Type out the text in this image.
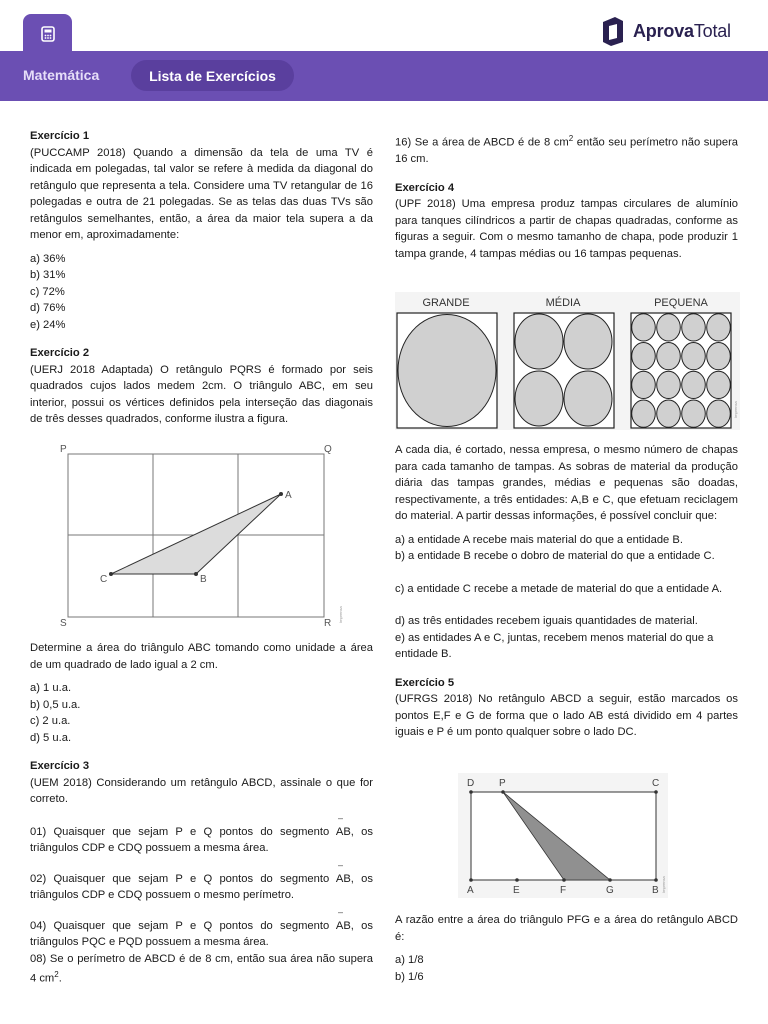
Matemática	Lista de Exercícios
AprovaTotal

Exercício 1

(PUCCAMP 2018) Quando a dimensão da tela de uma TV é indicada em polegadas, tal valor se refere à medida da diagonal do retângulo que representa a tela. Considere uma TV retangular de 16 polegadas e outra de 21 polegadas. Se as telas das duas TVs são retângulos semelhantes, então, a área da maior tela supera a da menor em, aproximadamente:

a) 36%

b) 31%

c) 72%

d) 76%

e) 24%

Exercício 2

(UERJ 2018 Adaptada) O retângulo PQRS é formado por seis quadrados cujos lados medem 2cm. O triângulo ABC, em seu interior, possui os vértices definidos pela interseção das diagonais de três desses quadrados, conforme ilustra a figura.

P	Q
S	R
A
C	B
Imprensa

Determine a área do triângulo ABC tomando como unidade a área de um quadrado de lado igual a 2 cm.

a) 1 u.a.

b) 0,5 u.a.

c) 2 u.a.

d) 5 u.a.

Exercício 3

(UEM 2018) Considerando um retângulo ABCD, assinale o que for correto.

–

01) Quaisquer que sejam P e Q pontos do segmento AB, os triângulos CDP e CDQ possuem a mesma área.

–

02) Quaisquer que sejam P e Q pontos do segmento AB, os triângulos CDP e CDQ possuem o mesmo perímetro.

–

04) Quaisquer que sejam P e Q pontos do segmento AB, os triângulos PQC e PQD possuem a mesma área.

08) Se o perímetro de ABCD é de 8 cm, então sua área não supera 4 $cm^2$.

16) Se a área de ABCD é de 8 $cm^2$ então seu perímetro não supera 16 cm.

Exercício 4

(UPF 2018) Uma empresa produz tampas circulares de alumínio para tanques cilíndricos a partir de chapas quadradas, conforme as figuras a seguir. Com o mesmo tamanho de chapa, pode produzir 1 tampa grande, 4 tampas médias ou 16 tampas pequenas.

GRANDE	MÉDIA	PEQUENA
Imprensa

A cada dia, é cortado, nessa empresa, o mesmo número de chapas para cada tamanho de tampas. As sobras de material da produção diária das tampas grandes, médias e pequenas são doadas, respectivamente, a três entidades: A,B e C, que efetuam reciclagem do material. A partir dessas informações, é possível concluir que:

a) a entidade A recebe mais material do que a entidade B.

b) a entidade B recebe o dobro de material do que a entidade C.

c) a entidade C recebe a metade de material do que a entidade A.

d) as três entidades recebem iguais quantidades de material.

e) as entidades A e C, juntas, recebem menos material do que a entidade B.

Exercício 5

(UFRGS 2018) No retângulo ABCD a seguir, estão marcados os pontos E,F e G de forma que o lado AB está dividido em 4 partes iguais e P é um ponto qualquer sobre o lado DC.

D P	C
A	E	F	G	B Imprensa

A razão entre a área do triângulo PFG e a área do retângulo ABCD é:

a) 1/8

b) 1/6
